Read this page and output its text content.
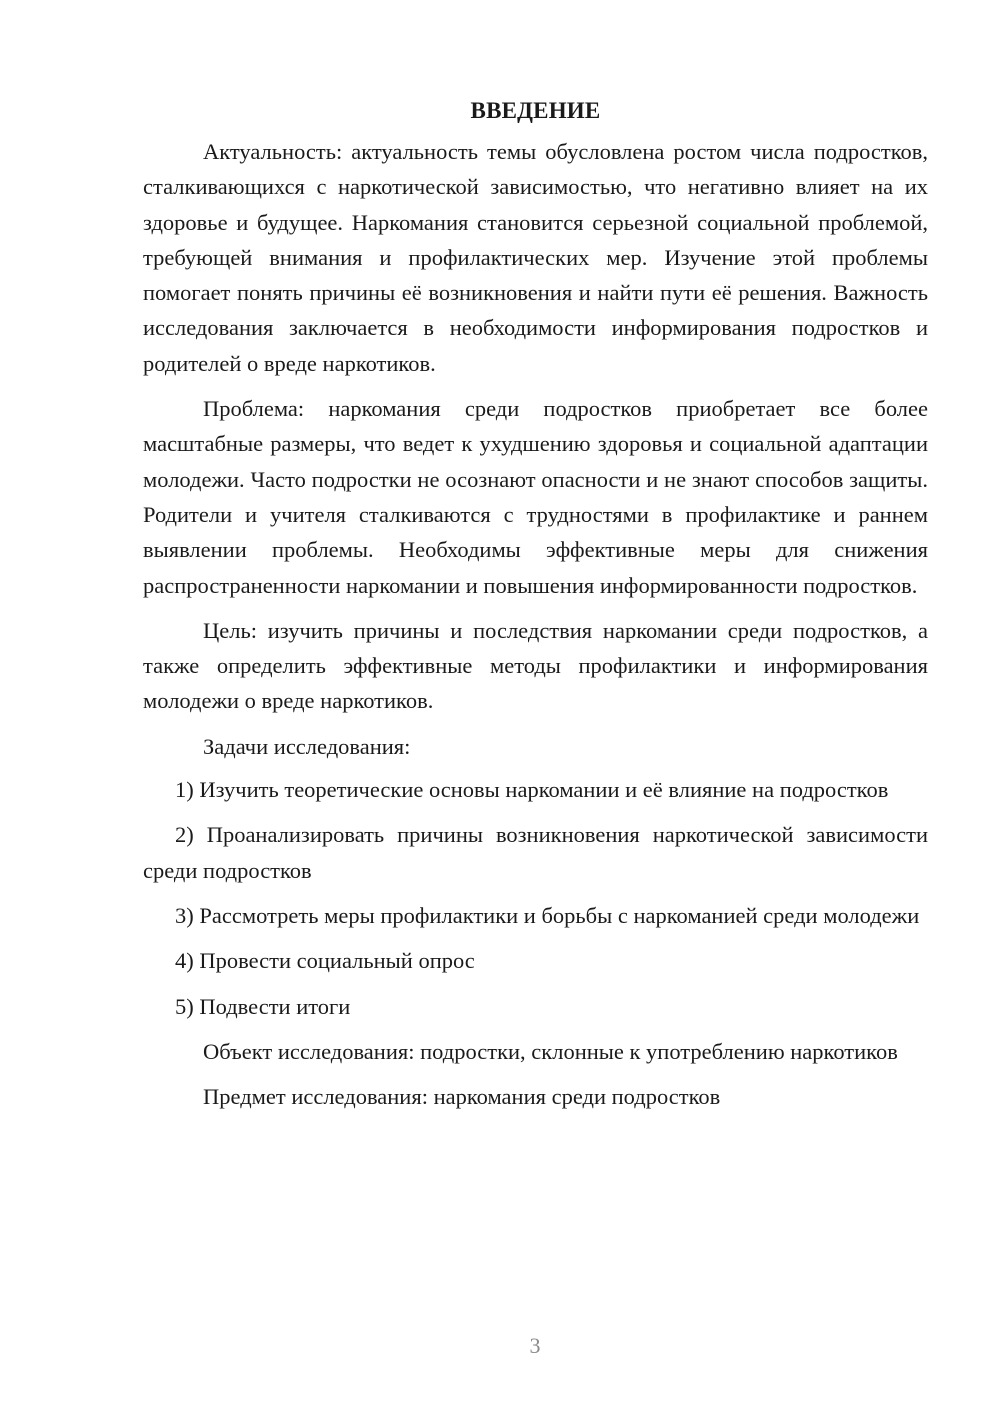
ВВЕДЕНИЕ

Актуальность: актуальность темы обусловлена ростом числа подростков, сталкивающихся с наркотической зависимостью, что негативно влияет на их здоровье и будущее. Наркомания становится серьезной социальной проблемой, требующей внимания и профилактических мер. Изучение этой проблемы помогает понять причины её возникновения и найти пути её решения. Важность исследования заключается в необходимости информирования подростков и родителей о вреде наркотиков.

Проблема: наркомания среди подростков приобретает все более масштабные размеры, что ведет к ухудшению здоровья и социальной адаптации молодежи. Часто подростки не осознают опасности и не знают способов защиты. Родители и учителя сталкиваются с трудностями в профилактике и раннем выявлении проблемы. Необходимы эффективные меры для снижения распространенности наркомании и повышения информированности подростков.

Цель: изучить причины и последствия наркомании среди подростков, а также определить эффективные методы профилактики и информирования молодежи о вреде наркотиков.

Задачи исследования:

1) Изучить теоретические основы наркомании и её влияние на подростков

2) Проанализировать причины возникновения наркотической зависимости среди подростков

3) Рассмотреть меры профилактики и борьбы с наркоманией среди молодежи

4) Провести социальный опрос

5) Подвести итоги

Объект исследования: подростки, склонные к употреблению наркотиков

Предмет исследования: наркомания среди подростков

3
